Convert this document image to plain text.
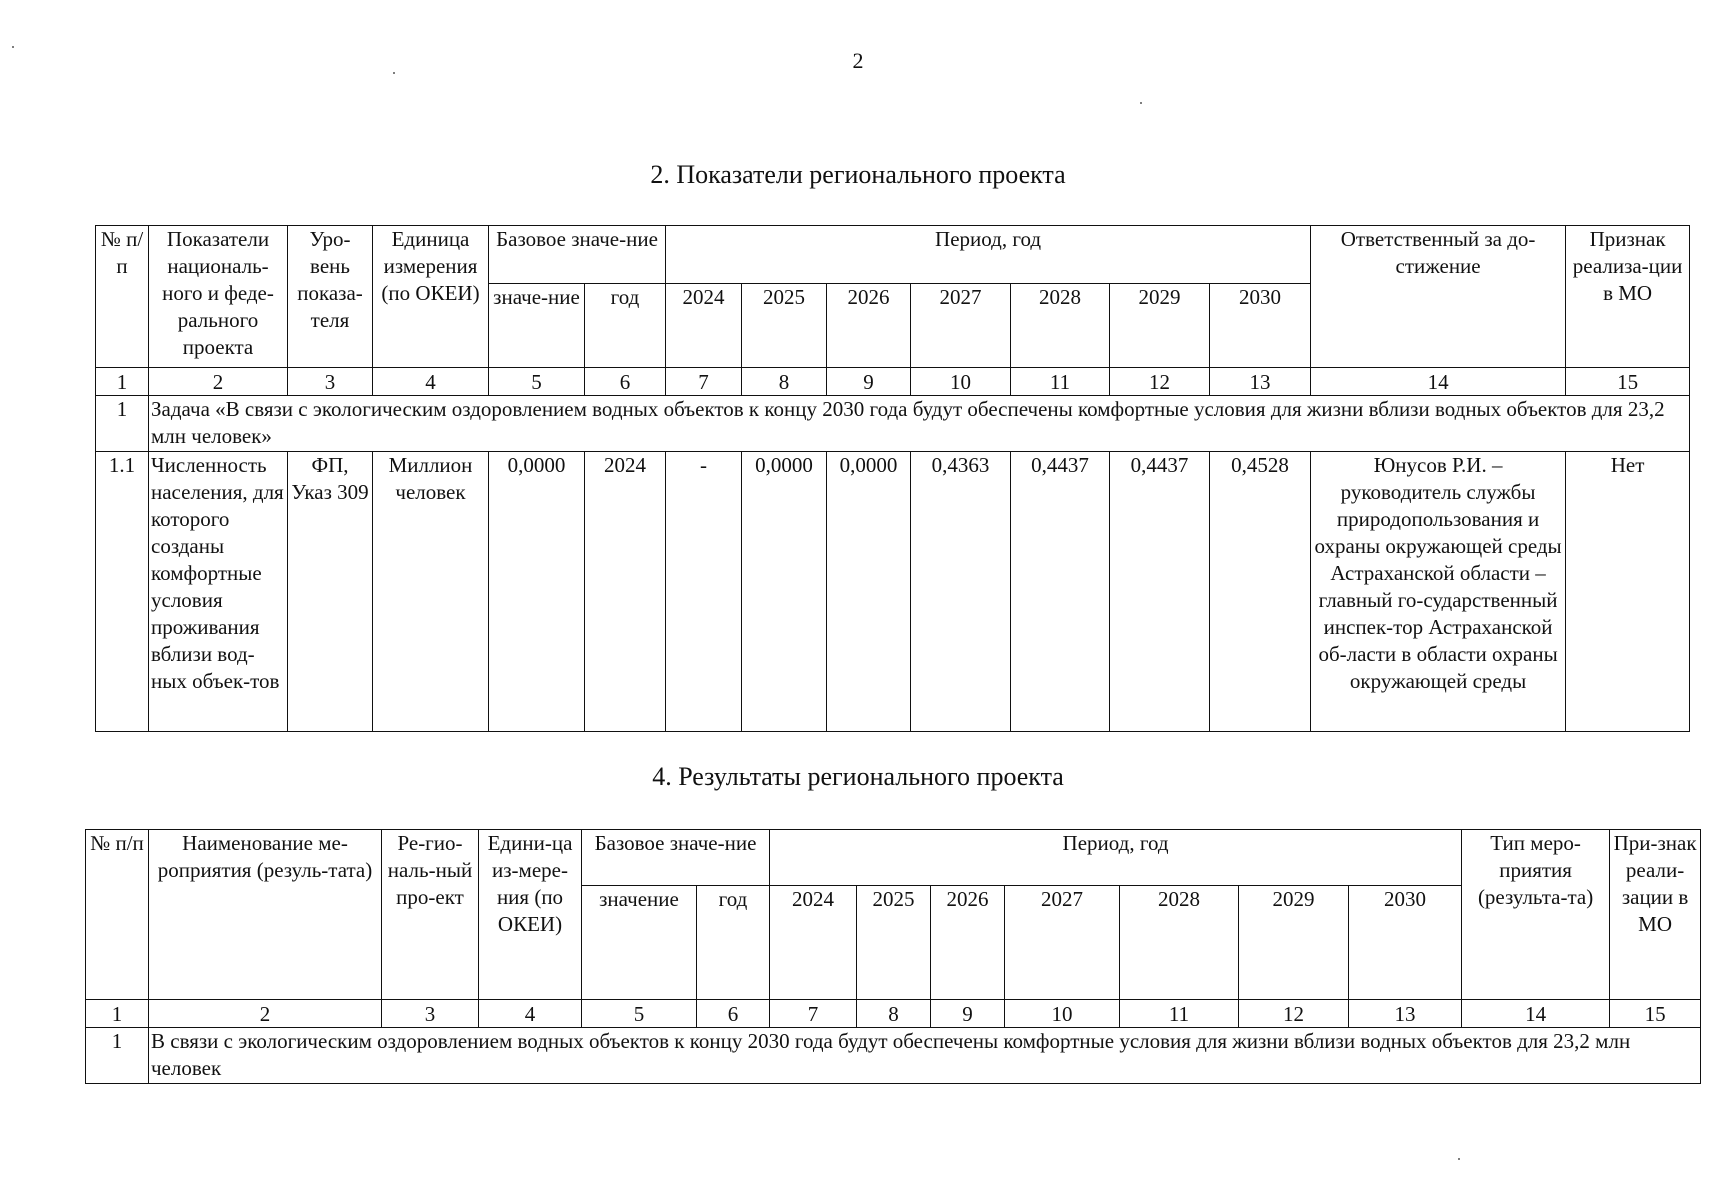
2
2. Показатели регионального проекта
№ п/п	Показатели националь-ного и феде-рального проекта	Уро-вень показа-теля	Единица измерения (по ОКЕИ)	Базовое значе-ние		Период, год							Ответственный за до-стижение	Признак реализа-ции в МО
				значе-ние	год	2024	2025	2026	2027	2028	2029	2030		
1	2	3	4	5	6	7	8	9	10	11	12	13	14	15
1	Задача «В связи с экологическим оздоровлением водных объектов к концу 2030 года будут обеспечены комфортные условия для жизни вблизи водных объектов для 23,2 млн человек»													
1.1	Численность населения, для которого созданы комфортные условия проживания вблизи вод-ных объек-тов	ФП, Указ 309	Миллион человек	0,0000	2024	-	0,0000	0,0000	0,4363	0,4437	0,4437	0,4528	Юнусов Р.И. – руководитель службы природопользования и охраны окружающей среды Астраханской области – главный го-сударственный инспек-тор Астраханской об-ласти в области охраны окружающей среды	Нет
4. Результаты регионального проекта
№ п/п	Наименование ме-роприятия (резуль-тата)	Ре-гио-наль-ный про-ект	Едини-ца из-мере-ния (по ОКЕИ)	Базовое значе-ние		Период, год							Тип меро-приятия (результа-та)	При-знак реали-зации в МО
				значение	год	2024	2025	2026	2027	2028	2029	2030		
1	2	3	4	5	6	7	8	9	10	11	12	13	14	15
1	В связи с экологическим оздоровлением водных объектов к концу 2030 года будут обеспечены комфортные условия для жизни вблизи водных объектов для 23,2 млн человек													
